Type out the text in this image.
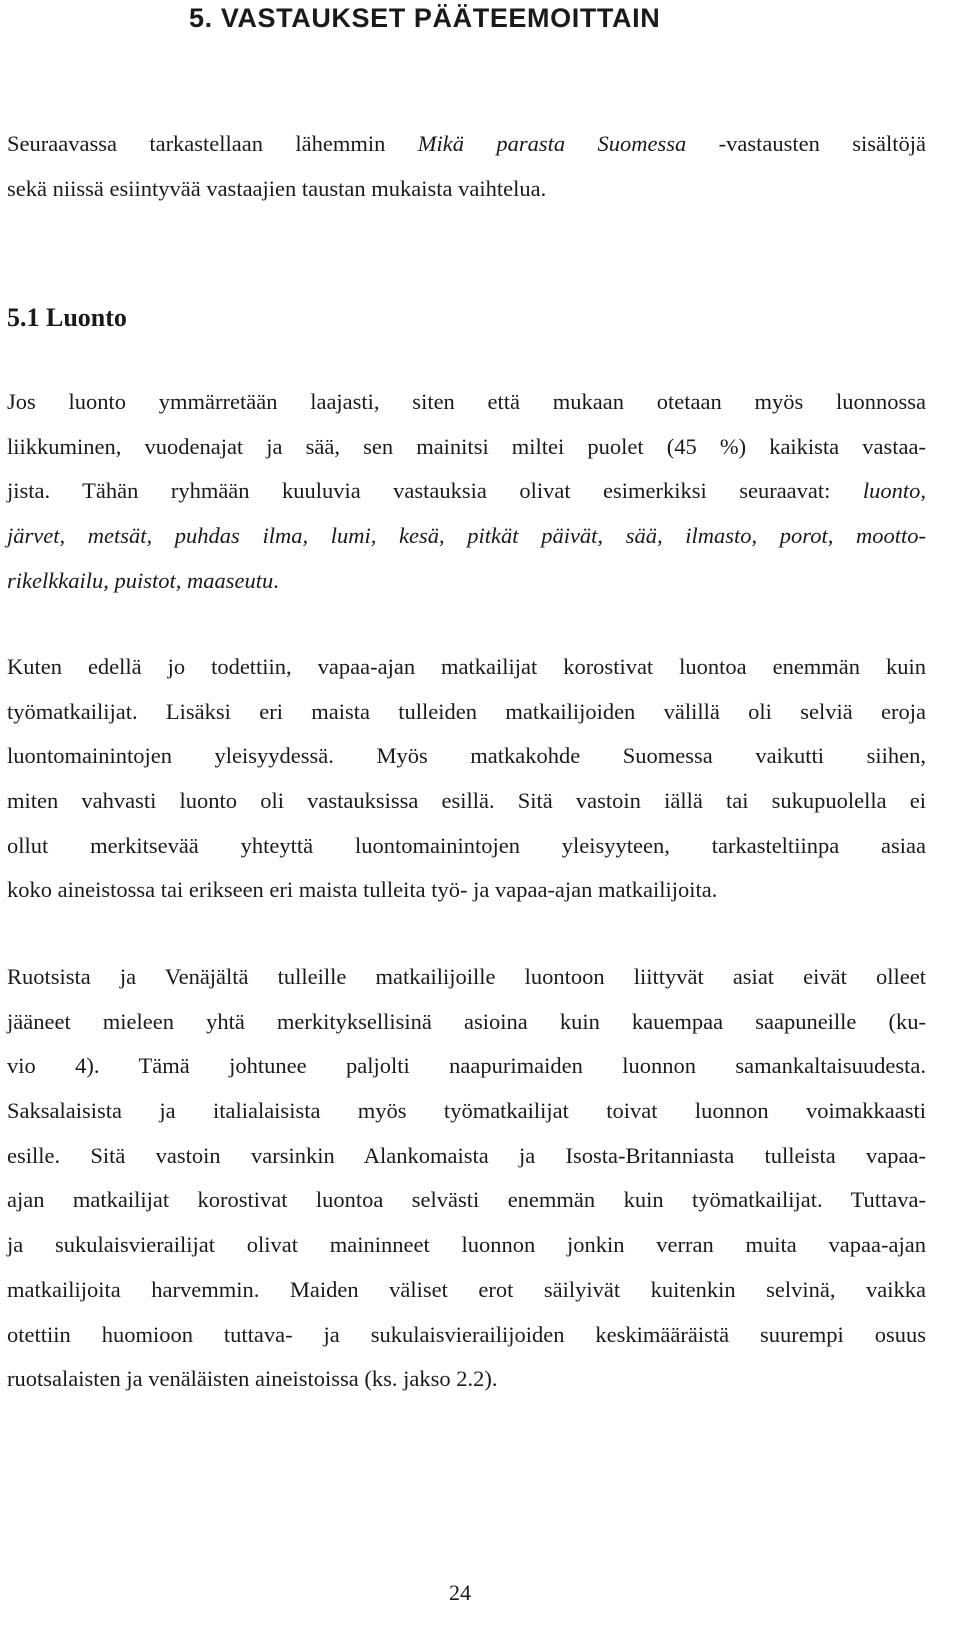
5. VASTAUKSET PÄÄTEEMOITTAIN
Seuraavassa tarkastellaan lähemmin Mikä parasta Suomessa -vastausten sisältöjä
sekä niissä esiintyvää vastaajien taustan mukaista vaihtelua.
5.1 Luonto
Jos luonto ymmärretään laajasti, siten että mukaan otetaan myös luonnossa
liikkuminen, vuodenajat ja sää, sen mainitsi miltei puolet (45 %) kaikista vastaa-
jista. Tähän ryhmään kuuluvia vastauksia olivat esimerkiksi seuraavat: luonto,
järvet, metsät, puhdas ilma, lumi, kesä, pitkät päivät, sää, ilmasto, porot, mootto-
rikelkkailu, puistot, maaseutu.
Kuten edellä jo todettiin, vapaa-ajan matkailijat korostivat luontoa enemmän kuin
työmatkailijat. Lisäksi eri maista tulleiden matkailijoiden välillä oli selviä eroja
luontomainintojen yleisyydessä. Myös matkakohde Suomessa vaikutti siihen,
miten vahvasti luonto oli vastauksissa esillä. Sitä vastoin iällä tai sukupuolella ei
ollut merkitsevää yhteyttä luontomainintojen yleisyyteen, tarkasteltiinpa asiaa
koko aineistossa tai erikseen eri maista tulleita työ- ja vapaa-ajan matkailijoita.
Ruotsista ja Venäjältä tulleille matkailijoille luontoon liittyvät asiat eivät olleet
jääneet mieleen yhtä merkityksellisinä asioina kuin kauempaa saapuneille (ku-
vio 4). Tämä johtunee paljolti naapurimaiden luonnon samankaltaisuudesta.
Saksalaisista ja italialaisista myös työmatkailijat toivat luonnon voimakkaasti
esille. Sitä vastoin varsinkin Alankomaista ja Isosta-Britanniasta tulleista vapaa-
ajan matkailijat korostivat luontoa selvästi enemmän kuin työmatkailijat. Tuttava-
ja sukulaisvierailijat olivat maininneet luonnon jonkin verran muita vapaa-ajan
matkailijoita harvemmin. Maiden väliset erot säilyivät kuitenkin selvinä, vaikka
otettiin huomioon tuttava- ja sukulaisvierailijoiden keskimääräistä suurempi osuus
ruotsalaisten ja venäläisten aineistoissa (ks. jakso 2.2).
24
